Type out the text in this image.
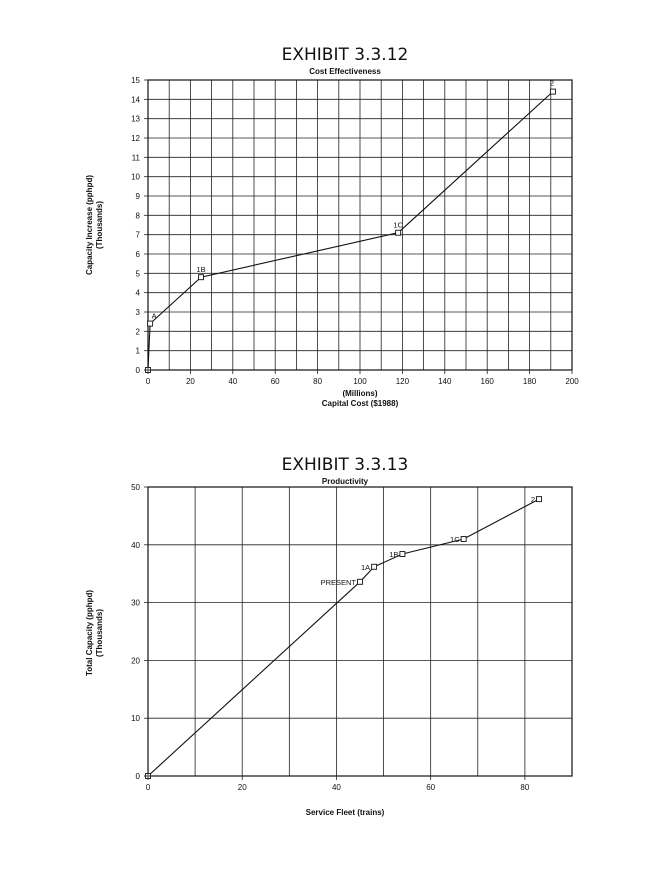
EXHIBIT 3.3.12
Cost Effectiveness
0	20	40	60	80	100	120	140	160	180	200
0
1
2
3
4
5
6
7
8
9
10
11
12
13
14
15
A
1B
1C
2
(Millions)
Capital Cost ($1988)
Capacity Increase (pphpd) (Thousands)
EXHIBIT 3.3.13
Productivity
0	20	40	60	80
0
10
20
30
40
50
PRESENT
1A
1B
1C
2
Service Fleet (trains)
Total Capacity (pphpd) (Thousands)
